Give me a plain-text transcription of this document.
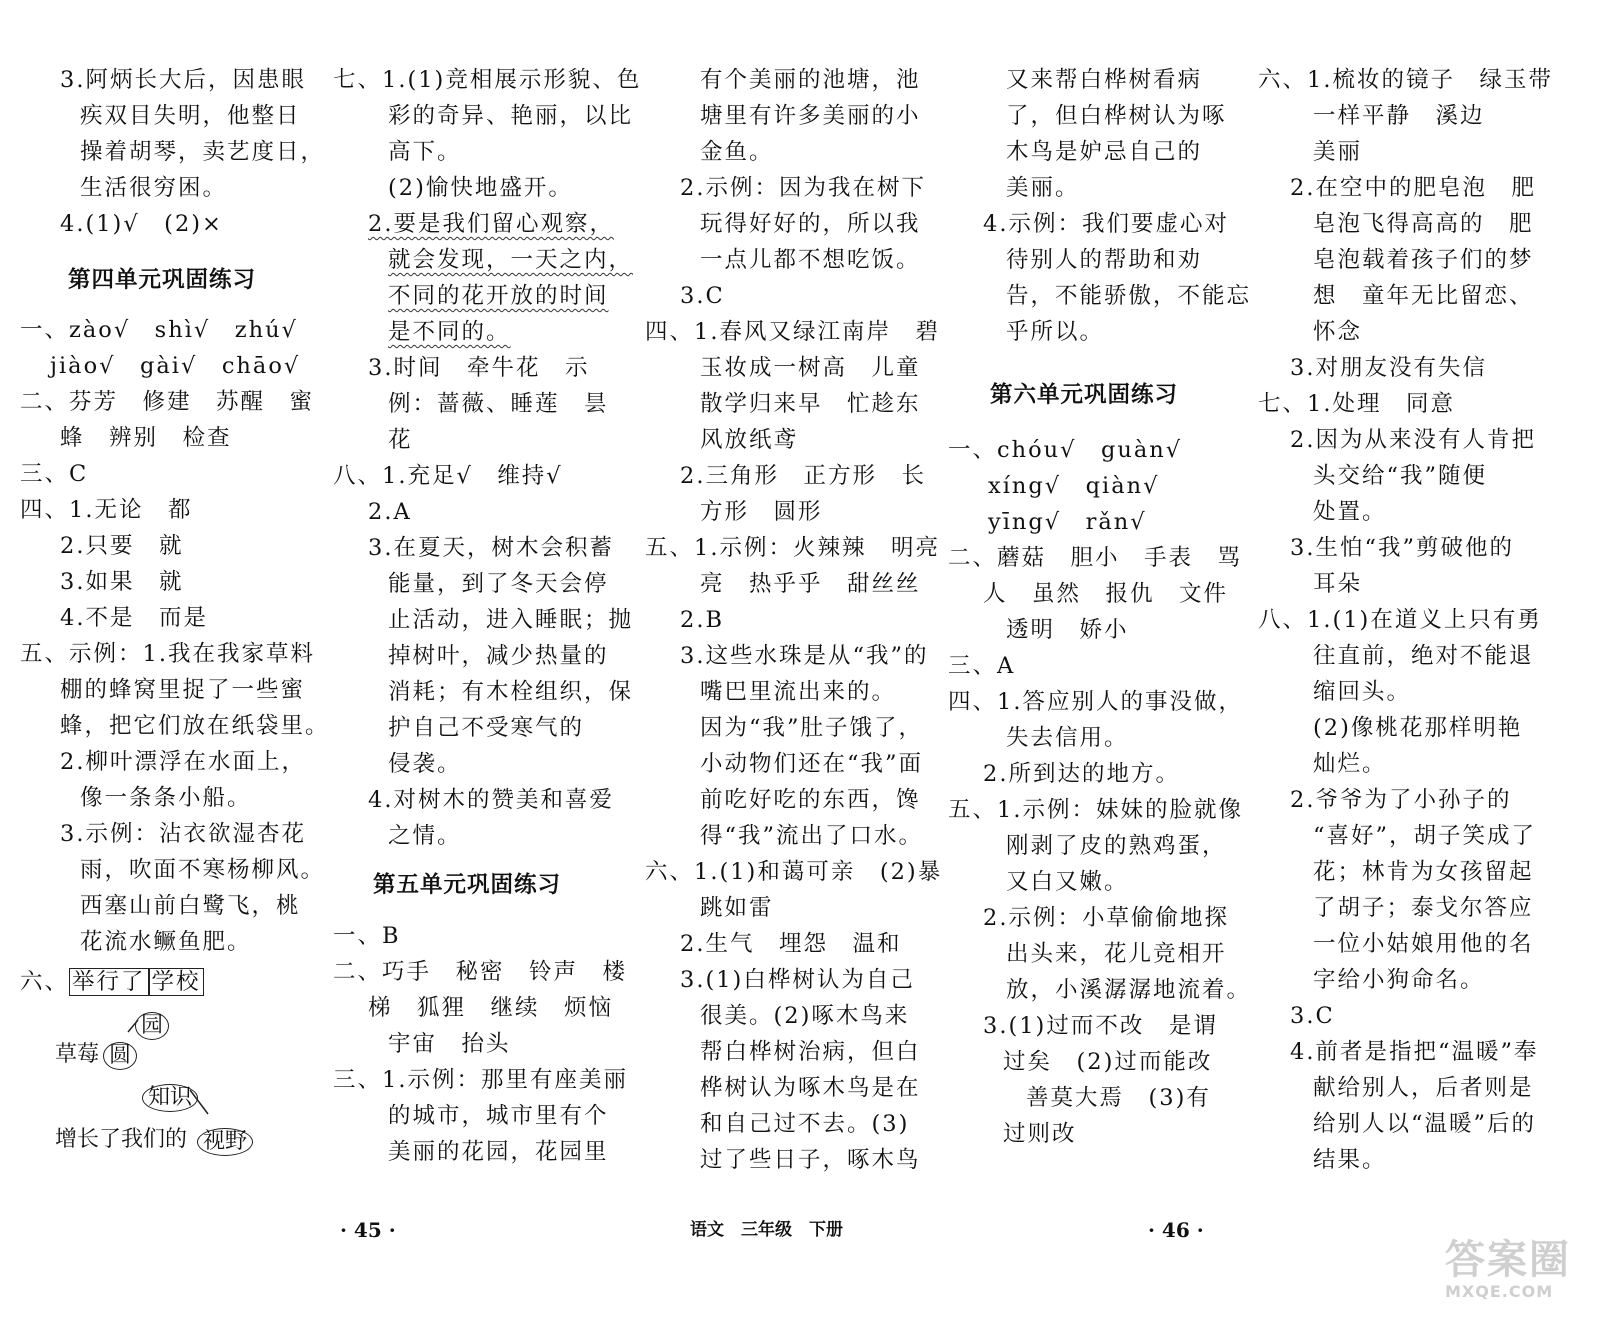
3.阿炳长大后，因患眼
疾双目失明，他整日
操着胡琴，卖艺度日，
生活很穷困。
4.(1)√　(2)×
第四单元巩固练习
一、zào√　shì√　zhú√
jiào√　gài√　chāo√
二、芬芳　修建　苏醒　蜜
蜂　辨别　检查
三、C
四、1.无论　都
2.只要　就
3.如果　就
4.不是　而是
五、示例：1.我在我家草料
棚的蜂窝里捉了一些蜜
蜂，把它们放在纸袋里。
2.柳叶漂浮在水面上，
像一条条小船。
3.示例：沾衣欲湿杏花
雨，吹面不寒杨柳风。
西塞山前白鹭飞，桃
花流水鳜鱼肥。
六、 举行了 学校
园
草莓 圆
知识
增长了我们的 视野
七、1.(1)竞相展示形貌、色
彩的奇异、艳丽，以比
高下。
(2)愉快地盛开。
2.要是我们留心观察，
就会发现，一天之内，
不同的花开放的时间
是不同的。
3.时间　牵牛花　示
例：蔷薇、睡莲　昙
花
八、1.充足√　维持√
2.A
3.在夏天，树木会积蓄
能量，到了冬天会停
止活动，进入睡眠；抛
掉树叶，减少热量的
消耗；有木栓组织，保
护自己不受寒气的
侵袭。
4.对树木的赞美和喜爱
之情。
第五单元巩固练习
一、B
二、巧手　秘密　铃声　楼
梯　狐狸　继续　烦恼
宇宙　抬头
三、1.示例：那里有座美丽
的城市，城市里有个
美丽的花园，花园里
有个美丽的池塘，池
塘里有许多美丽的小
金鱼。
2.示例：因为我在树下
玩得好好的，所以我
一点儿都不想吃饭。
3.C
四、1.春风又绿江南岸　碧
玉妆成一树高　儿童
散学归来早　忙趁东
风放纸鸢
2.三角形　正方形　长
方形　圆形
五、1.示例：火辣辣　明亮
亮　热乎乎　甜丝丝
2.B
3.这些水珠是从“我”的
嘴巴里流出来的。
因为“我”肚子饿了，
小动物们还在“我”面
前吃好吃的东西，馋
得“我”流出了口水。
六、1.(1)和蔼可亲　(2)暴
跳如雷
2.生气　埋怨　温和
3.(1)白桦树认为自己
很美。(2)啄木鸟来
帮白桦树治病，但白
桦树认为啄木鸟是在
和自己过不去。(3)
过了些日子，啄木鸟
又来帮白桦树看病
了，但白桦树认为啄
木鸟是妒忌自己的
美丽。
4.示例：我们要虚心对
待别人的帮助和劝
告，不能骄傲，不能忘
乎所以。
第六单元巩固练习
一、chóu√　guàn√
xíng√　qiàn√
yīng√　rǎn√
二、蘑菇　胆小　手表　骂
人　虽然　报仇　文件
透明　娇小
三、A
四、1.答应别人的事没做，
失去信用。
2.所到达的地方。
五、1.示例：妹妹的脸就像
刚剥了皮的熟鸡蛋，
又白又嫩。
2.示例：小草偷偷地探
出头来，花儿竞相开
放，小溪潺潺地流着。
3.(1)过而不改　是谓
过矣　(2)过而能改
善莫大焉　(3)有
过则改
六、1.梳妆的镜子　绿玉带
一样平静　溪边
美丽
2.在空中的肥皂泡　肥
皂泡飞得高高的　肥
皂泡载着孩子们的梦
想　童年无比留恋、
怀念
3.对朋友没有失信
七、1.处理　同意
2.因为从来没有人肯把
头交给“我”随便
处置。
3.生怕“我”剪破他的
耳朵
八、1.(1)在道义上只有勇
往直前，绝对不能退
缩回头。
(2)像桃花那样明艳
灿烂。
2.爷爷为了小孙子的
“喜好”，胡子笑成了
花；林肯为女孩留起
了胡子；泰戈尔答应
一位小姑娘用他的名
字给小狗命名。
3.C
4.前者是指把“温暖”奉
献给别人，后者则是
给别人以“温暖”后的
结果。
· 45 ·	语文　三年级　下册	· 46 ·
答案圈
MXQE.COM
